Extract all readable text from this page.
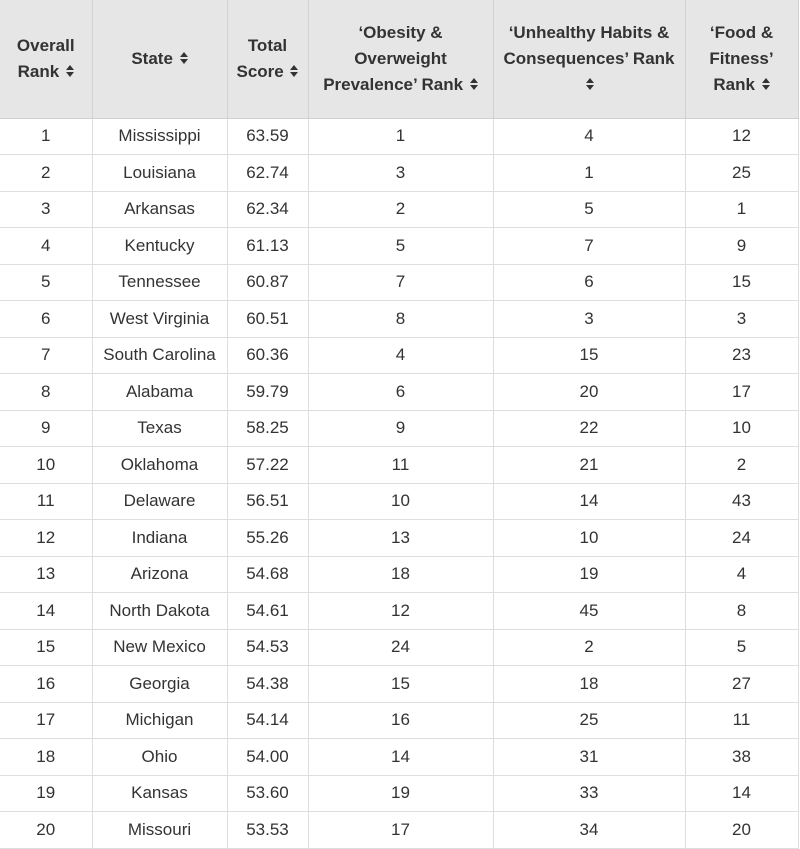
Overall Rank	State	Total Score	‘Obesity & Overweight Prevalence’ Rank	‘Unhealthy Habits & Consequences’ Rank	‘Food & Fitness’ Rank

1	Mississippi	63.59	1	4	12
2	Louisiana	62.74	3	1	25
3	Arkansas	62.34	2	5	1
4	Kentucky	61.13	5	7	9
5	Tennessee	60.87	7	6	15
6	West Virginia	60.51	8	3	3
7	South Carolina	60.36	4	15	23
8	Alabama	59.79	6	20	17
9	Texas	58.25	9	22	10
10	Oklahoma	57.22	11	21	2
11	Delaware	56.51	10	14	43
12	Indiana	55.26	13	10	24
13	Arizona	54.68	18	19	4
14	North Dakota	54.61	12	45	8
15	New Mexico	54.53	24	2	5
16	Georgia	54.38	15	18	27
17	Michigan	54.14	16	25	11
18	Ohio	54.00	14	31	38
19	Kansas	53.60	19	33	14
20	Missouri	53.53	17	34	20
